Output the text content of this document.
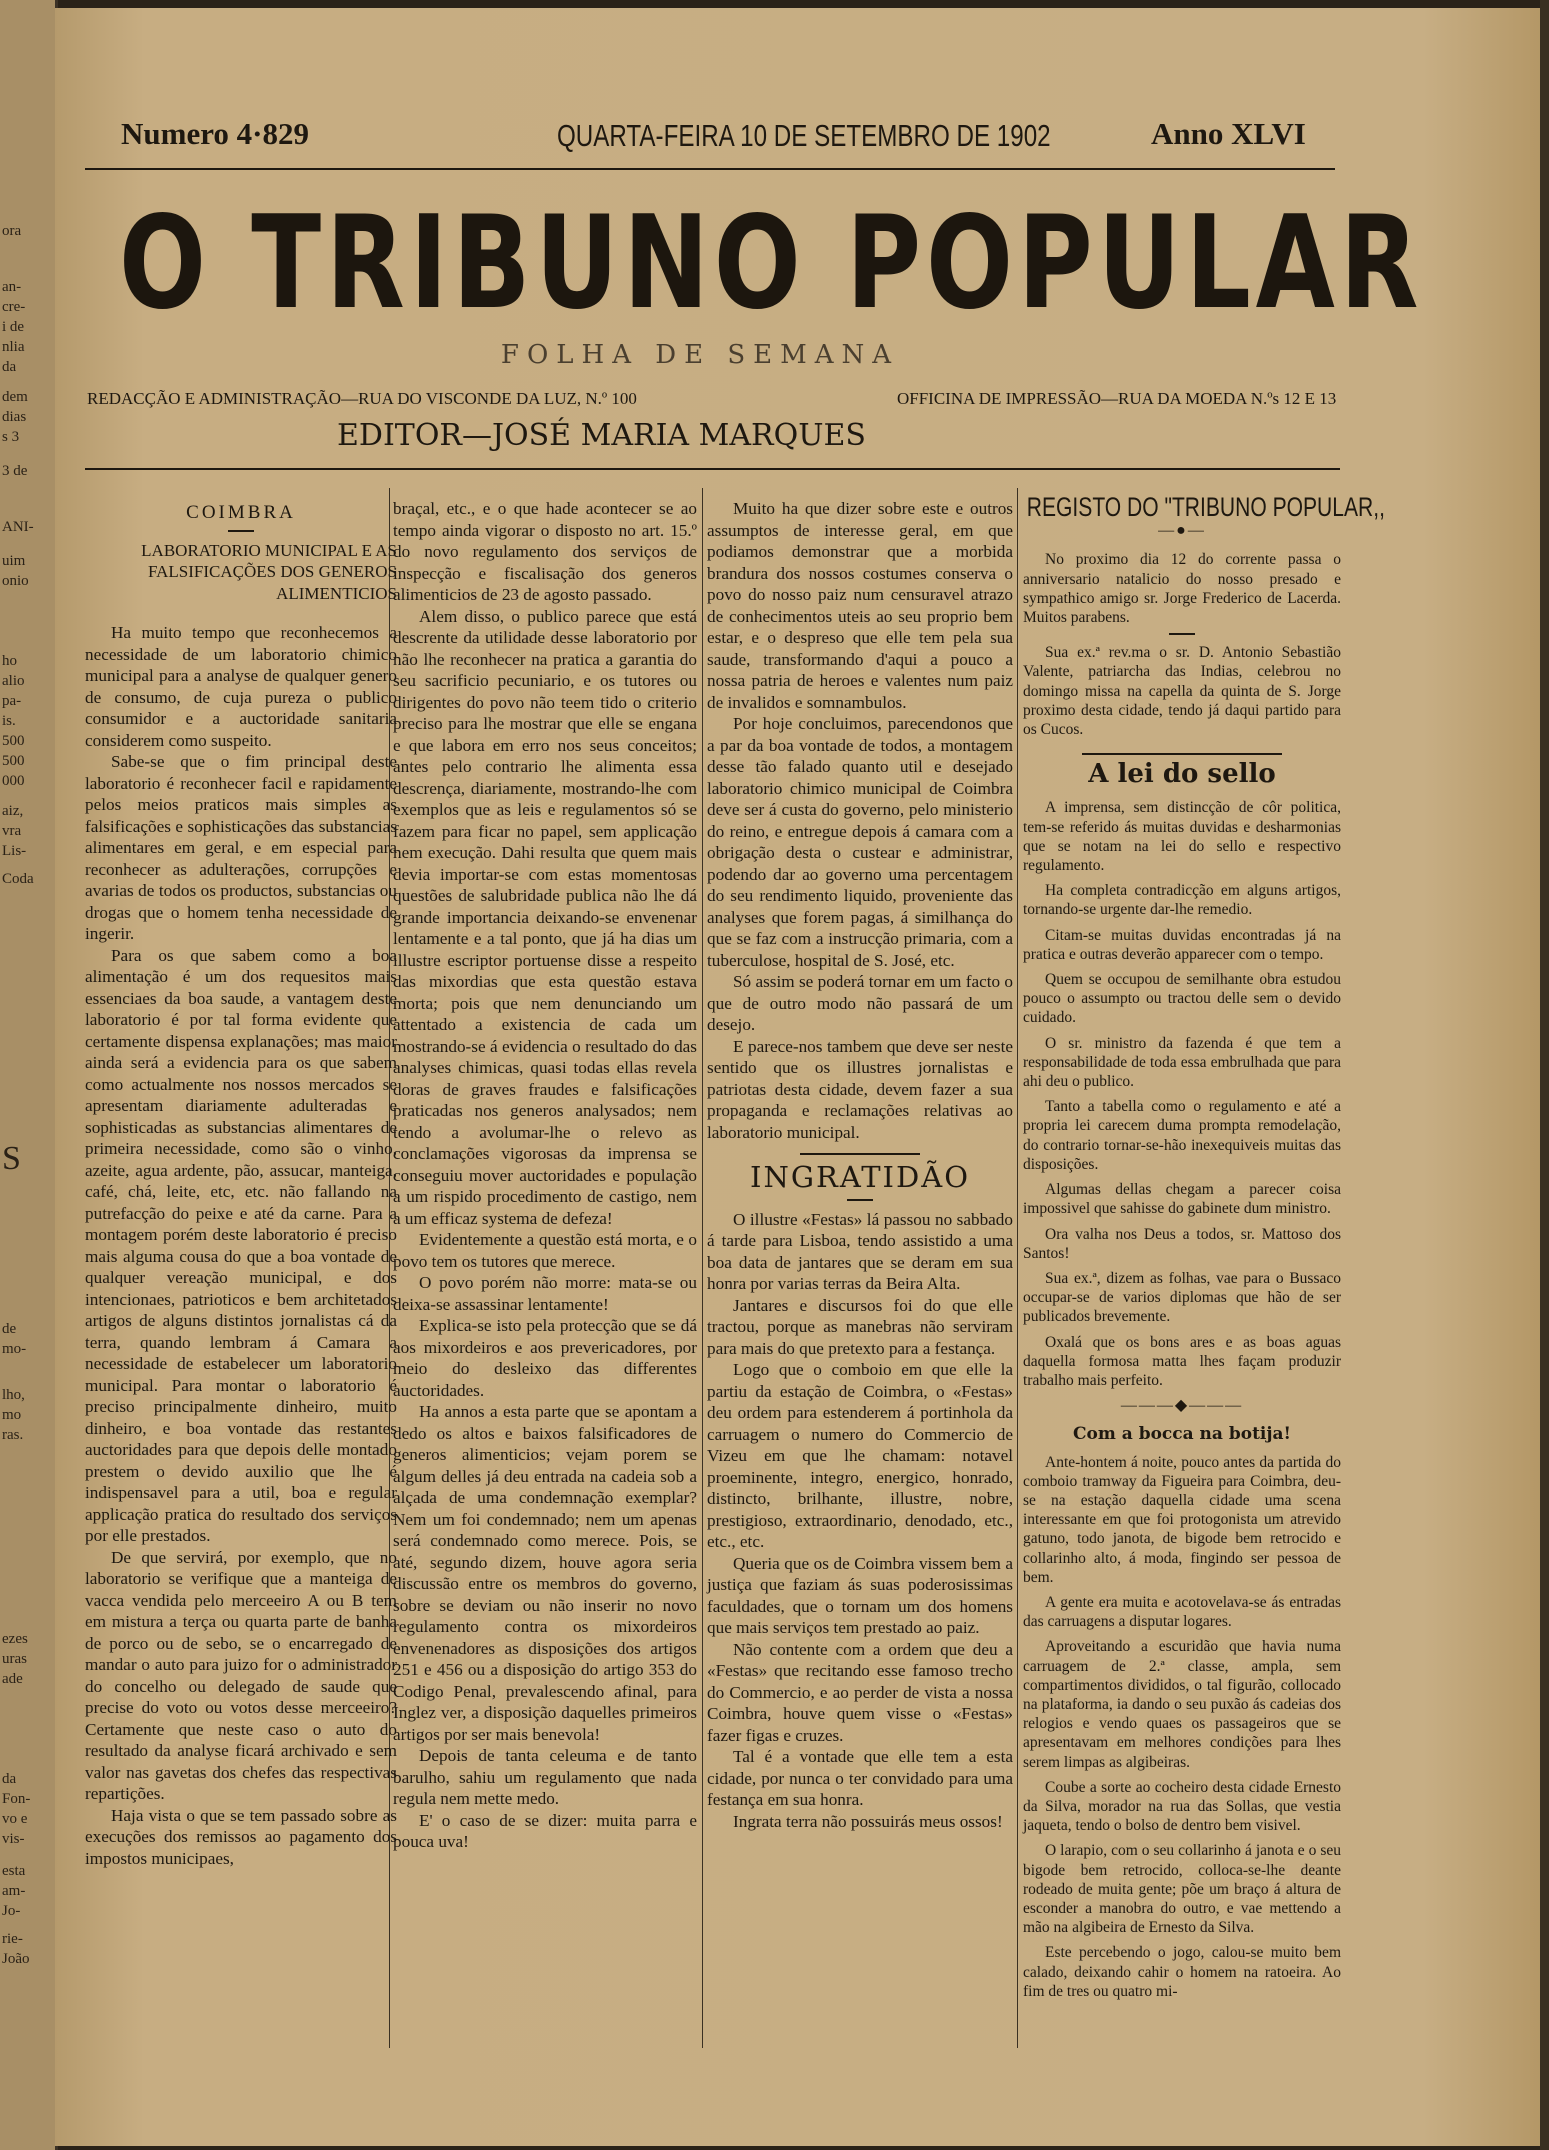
ora
an-
cre-
i de
nlia
da
dem
dias
s 3
3 de
ANI-
uim
onio
ho
alio
pa-
is.
500
500
000
aiz,
vra
Lis-
Coda
S
de
mo-
lho,
mo
ras.
ezes
uras
ade
da
Fon-
vo e
vis-
esta
am-
Jo-
rie-
João
Numero 4·829	QUARTA-FEIRA 10 DE SETEMBRO DE 1902	Anno XLVI
O TRIBUNO POPULAR
FOLHA DE SEMANA
REDACÇÃO E ADMINISTRAÇÃO—RUA DO VISCONDE DA LUZ, N.º 100	OFFICINA DE IMPRESSÃO—RUA DA MOEDA N.ºs 12 E 13
EDITOR—JOSÉ MARIA MARQUES
COIMBRA
LABORATORIO MUNICIPAL E AS FALSIFICAÇÕES DOS GENEROS ALIMENTICIOS

Ha muito tempo que reconhecemos a necessidade de um laboratorio chimico municipal para a analyse de qualquer genero de consumo, de cuja pureza o publico consumidor e a auctoridade sanitaria considerem como suspeito.

Sabe-se que o fim principal deste laboratorio é reconhecer facil e rapidamente pelos meios praticos mais simples as falsificações e sophisticações das substancias alimentares em geral, e em especial para reconhecer as adulterações, corrupções e avarias de todos os productos, substancias ou drogas que o homem tenha necessidade de ingerir.

Para os que sabem como a boa alimentação é um dos requesitos mais essenciaes da boa saude, a vantagem deste laboratorio é por tal forma evidente que certamente dispensa explanações; mas maior ainda será a evidencia para os que sabem como actualmente nos nossos mercados se apresentam diariamente adulteradas e sophisticadas as substancias alimentares de primeira necessidade, como são o vinho, azeite, agua ardente, pão, assucar, manteiga, café, chá, leite, etc, etc. não fallando na putrefacção do peixe e até da carne. Para a montagem porém deste laboratorio é preciso mais alguma cousa do que a boa vontade de qualquer vereação municipal, e dos intencionaes, patrioticos e bem architetados artigos de alguns distintos jornalistas cá da terra, quando lembram á Camara a necessidade de estabelecer um laboratorio municipal. Para montar o laboratorio é preciso principalmente dinheiro, muito dinheiro, e boa vontade das restantes auctoridades para que depois delle montado prestem o devido auxilio que lhe é indispensavel para a util, boa e regular applicação pratica do resultado dos serviços por elle prestados.

De que servirá, por exemplo, que no laboratorio se verifique que a manteiga de vacca vendida pelo merceeiro A ou B tem em mistura a terça ou quarta parte de banha de porco ou de sebo, se o encarregado de mandar o auto para juizo for o administrador do concelho ou delegado de saude que precise do voto ou votos desse merceeiro? Certamente que neste caso o auto do resultado da analyse ficará archivado e sem valor nas gavetas dos chefes das respectivas repartições.

Haja vista o que se tem passado sobre as execuções dos remissos ao pagamento dos impostos municipaes,

braçal, etc., e o que hade acontecer se ao tempo ainda vigorar o disposto no art. 15.º do novo regulamento dos serviços de inspecção e fiscalisação dos generos alimenticios de 23 de agosto passado.

Alem disso, o publico parece que está descrente da utilidade desse laboratorio por não lhe reconhecer na pratica a garantia do seu sacrificio pecuniario, e os tutores ou dirigentes do povo não teem tido o criterio preciso para lhe mostrar que elle se engana e que labora em erro nos seus conceitos; antes pelo contrario lhe alimenta essa descrença, diariamente, mostrando-lhe com exemplos que as leis e regulamentos só se fazem para ficar no papel, sem applicação nem execução. Dahi resulta que quem mais devia importar-se com estas momentosas questões de salubridade publica não lhe dá grande importancia deixando-se envenenar lentamente e a tal ponto, que já ha dias um illustre escriptor portuense disse a respeito das mixordias que esta questão estava morta; pois que nem denunciando um attentado a existencia de cada um mostrando-se á evidencia o resultado do das analyses chimicas, quasi todas ellas revela doras de graves fraudes e falsificações praticadas nos generos analysados; nem tendo a avolumar-lhe o relevo as conclamações vigorosas da imprensa se conseguiu mover auctoridades e população a um rispido procedimento de castigo, nem a um efficaz systema de defeza!

Evidentemente a questão está morta, e o povo tem os tutores que merece.

O povo porém não morre: mata-se ou deixa-se assassinar lentamente!

Explica-se isto pela protecção que se dá aos mixordeiros e aos prevericadores, por meio do desleixo das differentes auctoridades.

Ha annos a esta parte que se apontam a dedo os altos e baixos falsificadores de generos alimenticios; vejam porem se algum delles já deu entrada na cadeia sob a alçada de uma condemnação exemplar? Nem um foi condemnado; nem um apenas será condemnado como merece. Pois, se até, segundo dizem, houve agora seria discussão entre os membros do governo, sobre se deviam ou não inserir no novo regulamento contra os mixordeiros envenenadores as disposições dos artigos 251 e 456 ou a disposição do artigo 353 do Codigo Penal, prevalescendo afinal, para Inglez ver, a disposição daquelles primeiros artigos por ser mais benevola!

Depois de tanta celeuma e de tanto barulho, sahiu um regulamento que nada regula nem mette medo.

E' o caso de se dizer: muita parra e pouca uva!

Muito ha que dizer sobre este e outros assumptos de interesse geral, em que podiamos demonstrar que a morbida brandura dos nossos costumes conserva o povo do nosso paiz num censuravel atrazo de conhecimentos uteis ao seu proprio bem estar, e o despreso que elle tem pela sua saude, transformando d'aqui a pouco a nossa patria de heroes e valentes num paiz de invalidos e somnambulos.

Por hoje concluimos, parecendonos que a par da boa vontade de todos, a montagem desse tão falado quanto util e desejado laboratorio chimico municipal de Coimbra deve ser á custa do governo, pelo ministerio do reino, e entregue depois á camara com a obrigação desta o custear e administrar, podendo dar ao governo uma percentagem do seu rendimento liquido, proveniente das analyses que forem pagas, á similhança do que se faz com a instrucção primaria, com a tuberculose, hospital de S. José, etc.

Só assim se poderá tornar em um facto o que de outro modo não passará de um desejo.

E parece-nos tambem que deve ser neste sentido que os illustres jornalistas e patriotas desta cidade, devem fazer a sua propaganda e reclamações relativas ao laboratorio municipal.

INGRATIDÃO

O illustre «Festas» lá passou no sabbado á tarde para Lisboa, tendo assistido a uma boa data de jantares que se deram em sua honra por varias terras da Beira Alta.

Jantares e discursos foi do que elle tractou, porque as manebras não serviram para mais do que pretexto para a festança.

Logo que o comboio em que elle la partiu da estação de Coimbra, o «Festas» deu ordem para estenderem á portinhola da carruagem o numero do Commercio de Vizeu em que lhe chamam: notavel proeminente, integro, energico, honrado, distincto, brilhante, illustre, nobre, prestigioso, extraordinario, denodado, etc., etc., etc.

Queria que os de Coimbra vissem bem a justiça que faziam ás suas poderosissimas faculdades, que o tornam um dos homens que mais serviços tem prestado ao paiz.

Não contente com a ordem que deu a «Festas» que recitando esse famoso trecho do Commercio, e ao perder de vista a nossa Coimbra, houve quem visse o «Festas» fazer figas e cruzes.

Tal é a vontade que elle tem a esta cidade, por nunca o ter convidado para uma festança em sua honra.

Ingrata terra não possuirás meus ossos!

REGISTO DO "TRIBUNO POPULAR,,
—●—

No proximo dia 12 do corrente passa o anniversario natalicio do nosso presado e sympathico amigo sr. Jorge Frederico de Lacerda. Muitos parabens.

Sua ex.ª rev.ma o sr. D. Antonio Sebastião Valente, patriarcha das Indias, celebrou no domingo missa na capella da quinta de S. Jorge proximo desta cidade, tendo já daqui partido para os Cucos.

A lei do sello

A imprensa, sem distincção de côr politica, tem-se referido ás muitas duvidas e desharmonias que se notam na lei do sello e respectivo regulamento.

Ha completa contradicção em alguns artigos, tornando-se urgente dar-lhe remedio.

Citam-se muitas duvidas encontradas já na pratica e outras deverão apparecer com o tempo.

Quem se occupou de semilhante obra estudou pouco o assumpto ou tractou delle sem o devido cuidado.

O sr. ministro da fazenda é que tem a responsabilidade de toda essa embrulhada que para ahi deu o publico.

Tanto a tabella como o regulamento e até a propria lei carecem duma prompta remodelação, do contrario tornar-se-hão inexequiveis muitas das disposições.

Algumas dellas chegam a parecer coisa impossivel que sahisse do gabinete dum ministro.

Ora valha nos Deus a todos, sr. Mattoso dos Santos!

Sua ex.ª, dizem as folhas, vae para o Bussaco occupar-se de varios diplomas que hão de ser publicados brevemente.

Oxalá que os bons ares e as boas aguas daquella formosa matta lhes façam produzir trabalho mais perfeito.

———◆———
Com a bocca na botija!

Ante-hontem á noite, pouco antes da partida do comboio tramway da Figueira para Coimbra, deu-se na estação daquella cidade uma scena interessante em que foi protogonista um atrevido gatuno, todo janota, de bigode bem retrocido e collarinho alto, á moda, fingindo ser pessoa de bem.

A gente era muita e acotovelava-se ás entradas das carruagens a disputar logares.

Aproveitando a escuridão que havia numa carruagem de 2.ª classe, ampla, sem compartimentos divididos, o tal figurão, collocado na plataforma, ia dando o seu puxão ás cadeias dos relogios e vendo quaes os passageiros que se apresentavam em melhores condições para lhes serem limpas as algibeiras.

Coube a sorte ao cocheiro desta cidade Ernesto da Silva, morador na rua das Sollas, que vestia jaqueta, tendo o bolso de dentro bem visivel.

O larapio, com o seu collarinho á janota e o seu bigode bem retrocido, colloca-se-lhe deante rodeado de muita gente; põe um braço á altura de esconder a manobra do outro, e vae mettendo a mão na algibeira de Ernesto da Silva.

Este percebendo o jogo, calou-se muito bem calado, deixando cahir o homem na ratoeira. Ao fim de tres ou quatro mi-
